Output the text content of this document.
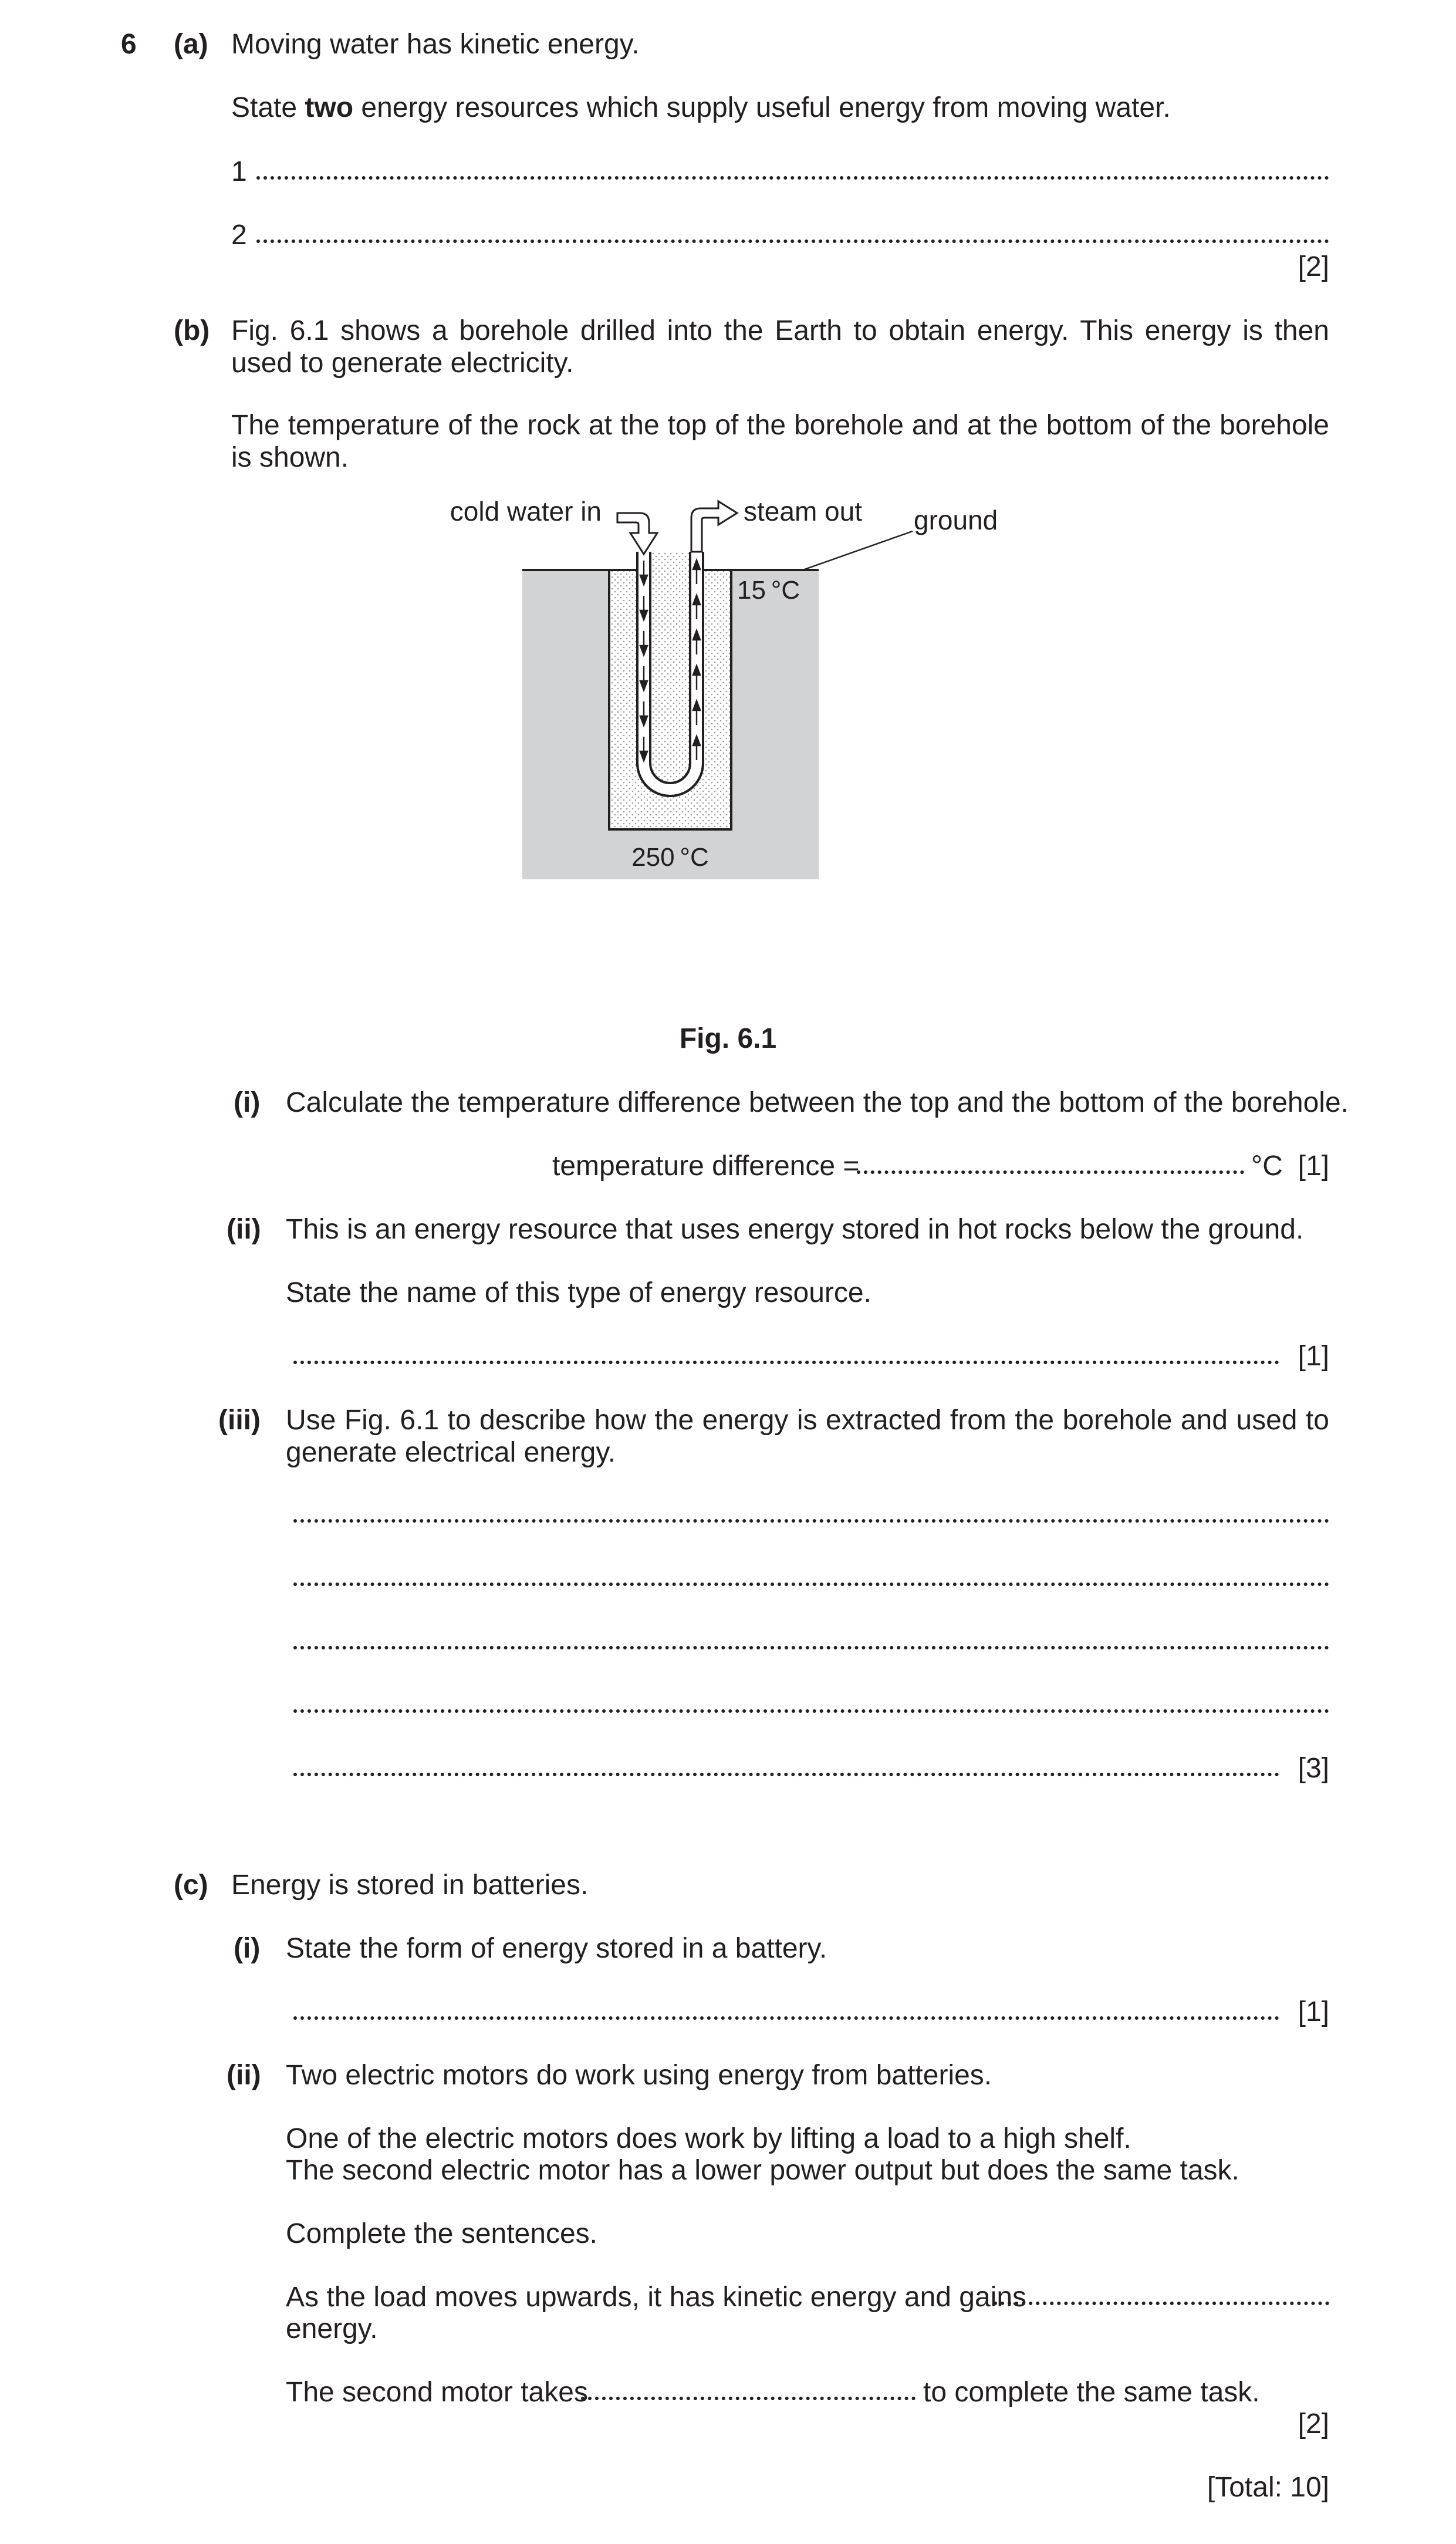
6 (a) Moving water has kinetic energy.
State two energy resources which supply useful energy from moving water.
1
2
[2]
(b) Fig. 6.1 shows a borehole drilled into the Earth to obtain energy. This energy is then used to generate electricity.
The temperature of the rock at the top of the borehole and at the bottom of the borehole is shown.
cold water in	steam out ground
15 °C
250 °C
Fig. 6.1
(i) Calculate the temperature difference between the top and the bottom of the borehole.
temperature difference =	°C [1]
(ii) This is an energy resource that uses energy stored in hot rocks below the ground.
State the name of this type of energy resource.
[1]
(iii) Use Fig. 6.1 to describe how the energy is extracted from the borehole and used to generate electrical energy.
[3]
(c) Energy is stored in batteries.
(i) State the form of energy stored in a battery.
[1]
(ii) Two electric motors do work using energy from batteries.
One of the electric motors does work by lifting a load to a high shelf.
The second electric motor has a lower power output but does the same task.
Complete the sentences.
As the load moves upwards, it has kinetic energy and gains
energy.
The second motor takes	to complete the same task.
[2]
[Total: 10]
